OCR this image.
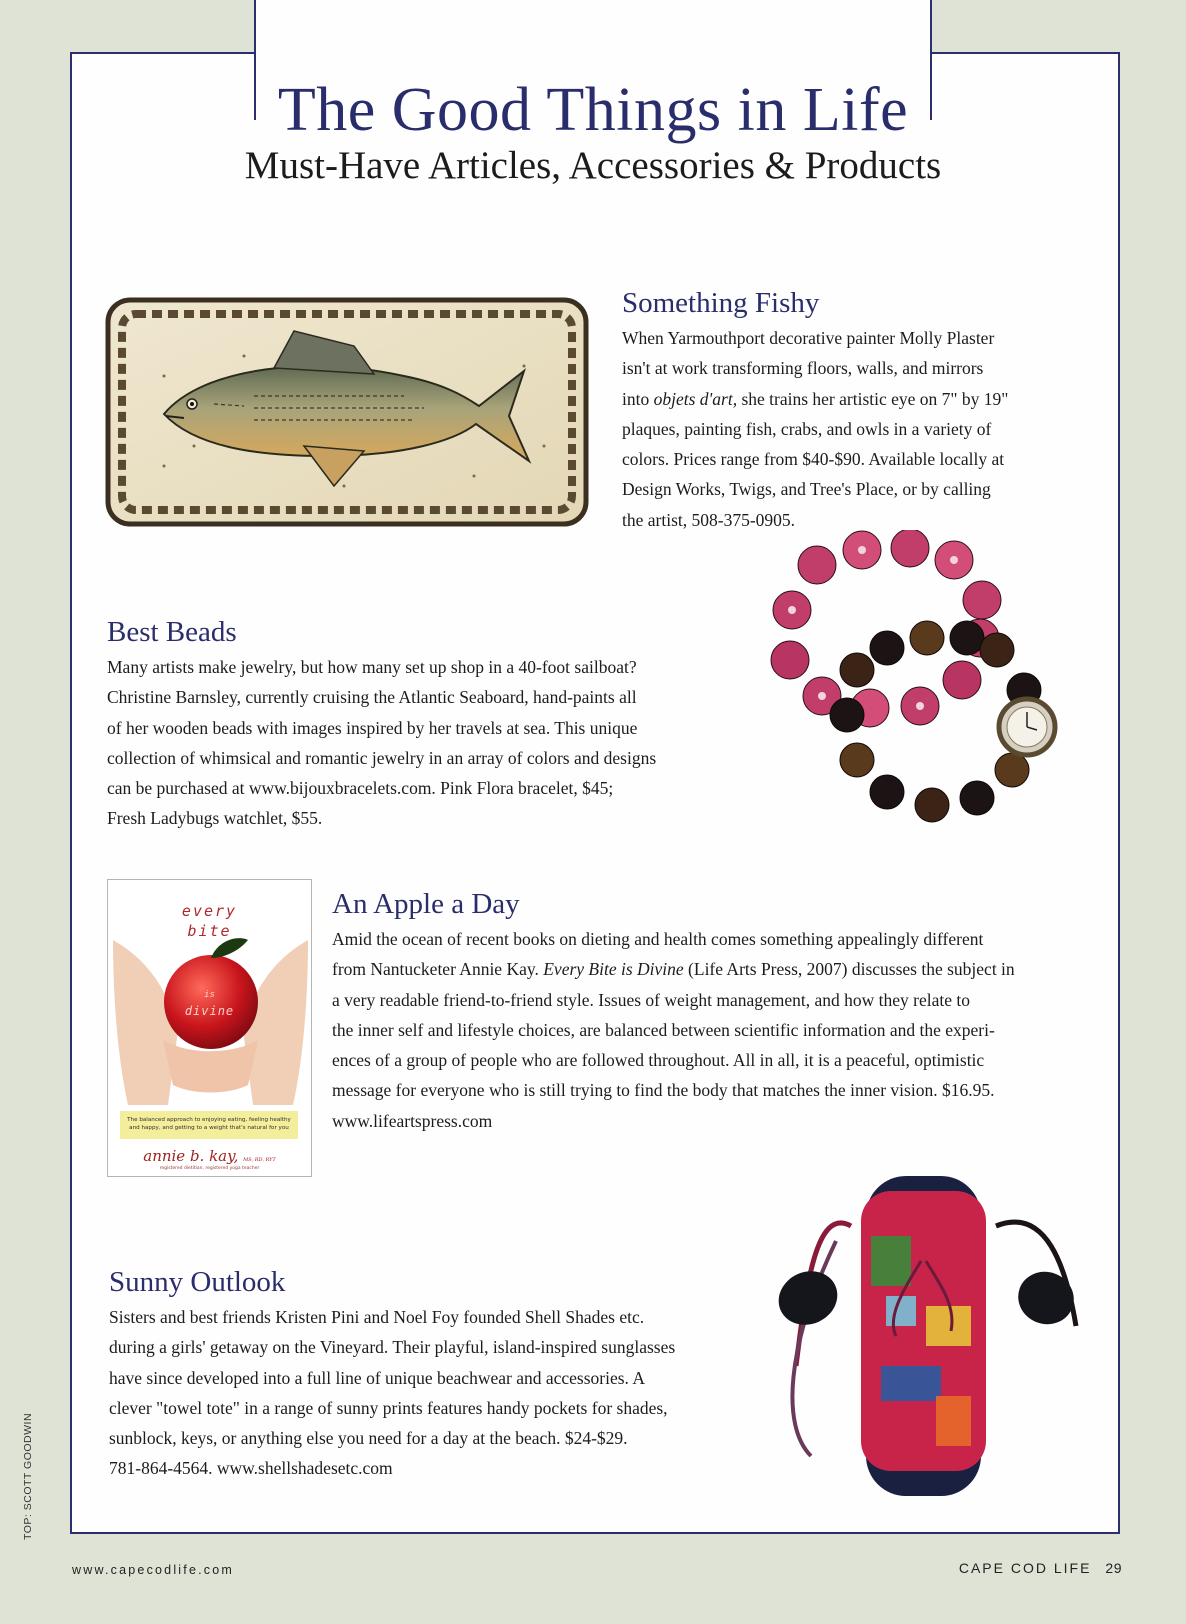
The Good Things in Life
Must-Have Articles, Accessories & Products
Something Fishy
When Yarmouthport decorative painter Molly Plaster
isn't at work transforming floors, walls, and mirrors
into objets d'art, she trains her artistic eye on 7" by 19"
plaques, painting fish, crabs, and owls in a variety of
colors. Prices range from $40-$90. Available locally at
Design Works, Twigs, and Tree's Place, or by calling
the artist, 508-375-0905.
Best Beads
Many artists make jewelry, but how many set up shop in a 40-foot sailboat?
Christine Barnsley, currently cruising the Atlantic Seaboard, hand-paints all
of her wooden beads with images inspired by her travels at sea. This unique
collection of whimsical and romantic jewelry in an array of colors and designs
can be purchased at www.bijouxbracelets.com. Pink Flora bracelet, $45;
Fresh Ladybugs watchlet, $55.
every
bite
is
divine
The balanced approach to enjoying eating, feeling healthy
and happy, and getting to a weight that's natural for you
annie b. kay, MS, RD, RYT
registered dietitian, registered yoga teacher
An Apple a Day
Amid the ocean of recent books on dieting and health comes something appealingly different
from Nantucketer Annie Kay. Every Bite is Divine (Life Arts Press, 2007) discusses the subject in
a very readable friend-to-friend style. Issues of weight management, and how they relate to
the inner self and lifestyle choices, are balanced between scientific information and the experi-
ences of a group of people who are followed throughout. All in all, it is a peaceful, optimistic
message for everyone who is still trying to find the body that matches the inner vision. $16.95.
www.lifeartspress.com
Sunny Outlook
Sisters and best friends Kristen Pini and Noel Foy founded Shell Shades etc.
during a girls' getaway on the Vineyard. Their playful, island-inspired sunglasses
have since developed into a full line of unique beachwear and accessories. A
clever "towel tote" in a range of sunny prints features handy pockets for shades,
sunblock, keys, or anything else you need for a day at the beach. $24-$29.
781-864-4564. www.shellshadesetc.com
TOP: SCOTT GOODWIN
www.capecodlife.com	CAPE COD LIFE 29
